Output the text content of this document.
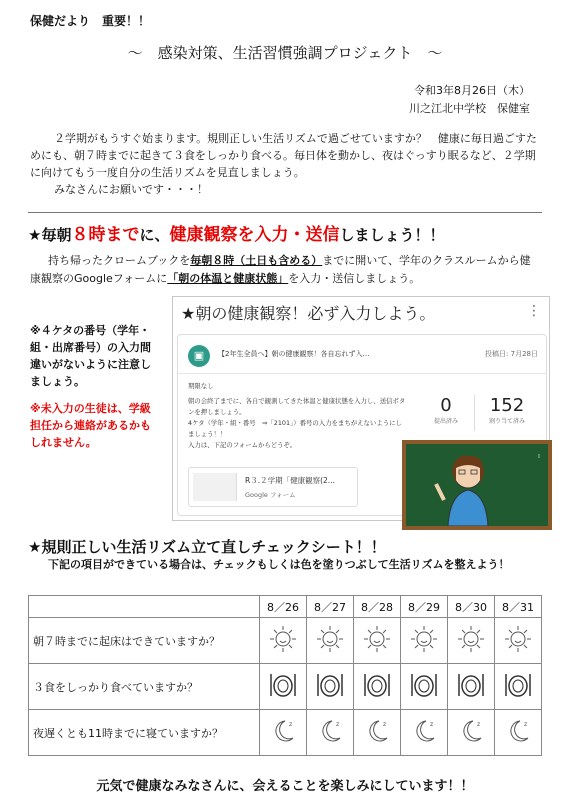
保健だより　重要！！
〜　感染対策、生活習慣強調プロジェクト　〜
令和3年8月26日（木）
川之江北中学校　保健室
２学期がもうすぐ始まります。規則正しい生活リズムで過ごせていますか？　健康に毎日過ごすためにも、朝７時までに起きて３食をしっかり食べる。毎日体を動かし、夜はぐっすり眠るなど、２学期に向けてもう一度自分の生活リズムを見直しましょう。
みなさんにお願いです・・・！
★毎朝８時までに、健康観察を入力・送信しましょう！！
持ち帰ったクロームブックを毎朝８時（土日も含める）までに開いて、学年のクラスルームから健康観察のGoogleフォームに「朝の体温と健康状態」を入力・送信しましょう。
※４ケタの番号（学年・組・出席番号）の入力間違いがないように注意しましょう。
※未入力の生徒は、学級担任から連絡があるかもしれません。
★朝の健康観察！必ず入力しよう。	⋮
▣	【2年生全員へ】朝の健康観察！各自忘れず入…	投稿日: 7月28日
期限なし
朝の会終了までに、各自で観測してきた体温と健康状態を入力し、送信ボタンを押しましょう。
4ケタ（学年・組・番号　⇒「2101」）番号の入力をまちがえないようにしましょう！！
入力は、下記のフォームからどうぞ。
0
提出済み
152
割り当て済み
R３.２学期「健康観察(2...
Google フォーム
Ⅰ
★規則正しい生活リズム立て直しチェックシート！！
下記の項目ができている場合は、チェックもしくは色を塗りつぶして生活リズムを整えよう！
	8／26	8／27	8／28	8／29	8／30	8／31
朝７時までに起床はできていますか？						
３食をしっかり食べていますか？						
夜遅くとも11時までに寝ていますか？	z	z	z	z	z	z
元気で健康なみなさんに、会えることを楽しみにしています！！
